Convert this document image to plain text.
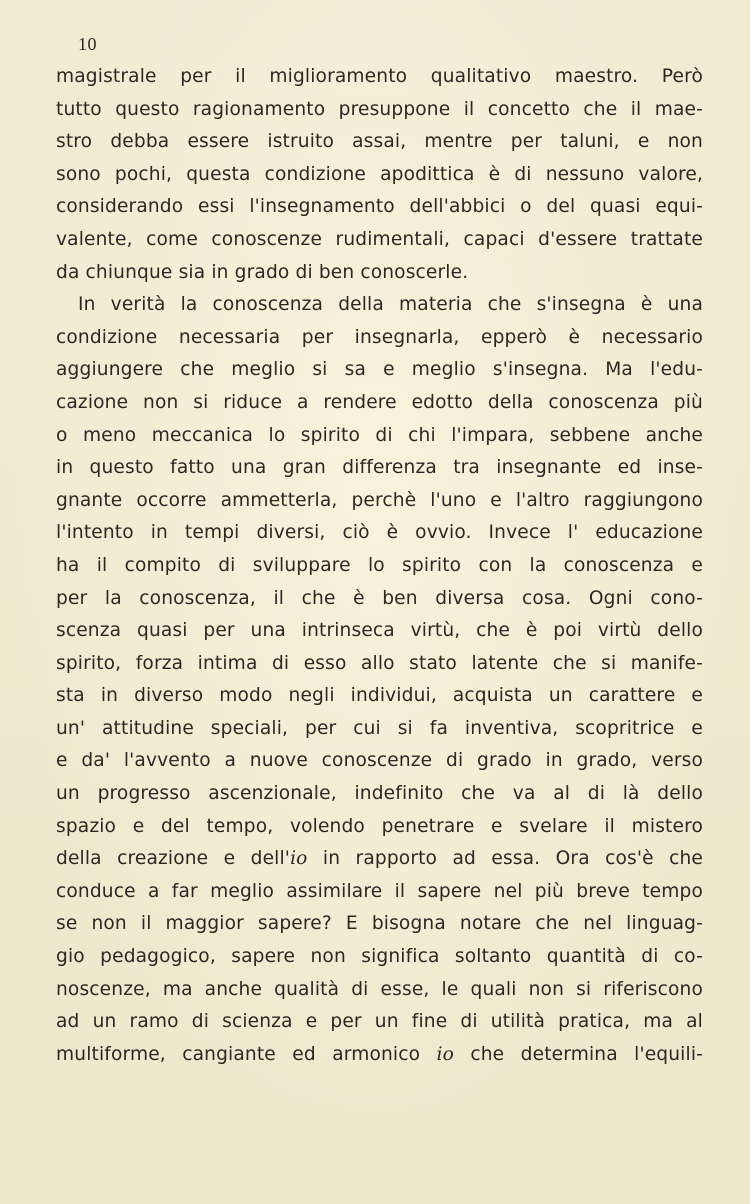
10
magistrale per il miglioramento qualitativo maestro. Però
tutto questo ragionamento presuppone il concetto che il mae-
stro debba essere istruito assai, mentre per taluni, e non
sono pochi, questa condizione apodittica è di nessuno valore,
considerando essi l'insegnamento dell'abbici o del quasi equi-
valente, come conoscenze rudimentali, capaci d'essere trattate
da chiunque sia in grado di ben conoscerle.
In verità la conoscenza della materia che s'insegna è una
condizione necessaria per insegnarla, epperò è necessario
aggiungere che meglio si sa e meglio s'insegna. Ma l'edu-
cazione non si riduce a rendere edotto della conoscenza più
o meno meccanica lo spirito di chi l'impara, sebbene anche
in questo fatto una gran differenza tra insegnante ed inse-
gnante occorre ammetterla, perchè l'uno e l'altro raggiungono
l'intento in tempi diversi, ciò è ovvio. Invece l' educazione
ha il compito di sviluppare lo spirito con la conoscenza e
per la conoscenza, il che è ben diversa cosa. Ogni cono-
scenza quasi per una intrinseca virtù, che è poi virtù dello
spirito, forza intima di esso allo stato latente che si manife-
sta in diverso modo negli individui, acquista un carattere e
un' attitudine speciali, per cui si fa inventiva, scopritrice e
e da' l'avvento a nuove conoscenze di grado in grado, verso
un progresso ascenzionale, indefinito che va al di là dello
spazio e del tempo, volendo penetrare e svelare il mistero
della creazione e dell'io in rapporto ad essa. Ora cos'è che
conduce a far meglio assimilare il sapere nel più breve tempo
se non il maggior sapere? E bisogna notare che nel linguag-
gio pedagogico, sapere non significa soltanto quantità di co-
noscenze, ma anche qualità di esse, le quali non si riferiscono
ad un ramo di scienza e per un fine di utilità pratica, ma al
multiforme, cangiante ed armonico io che determina l'equili-
